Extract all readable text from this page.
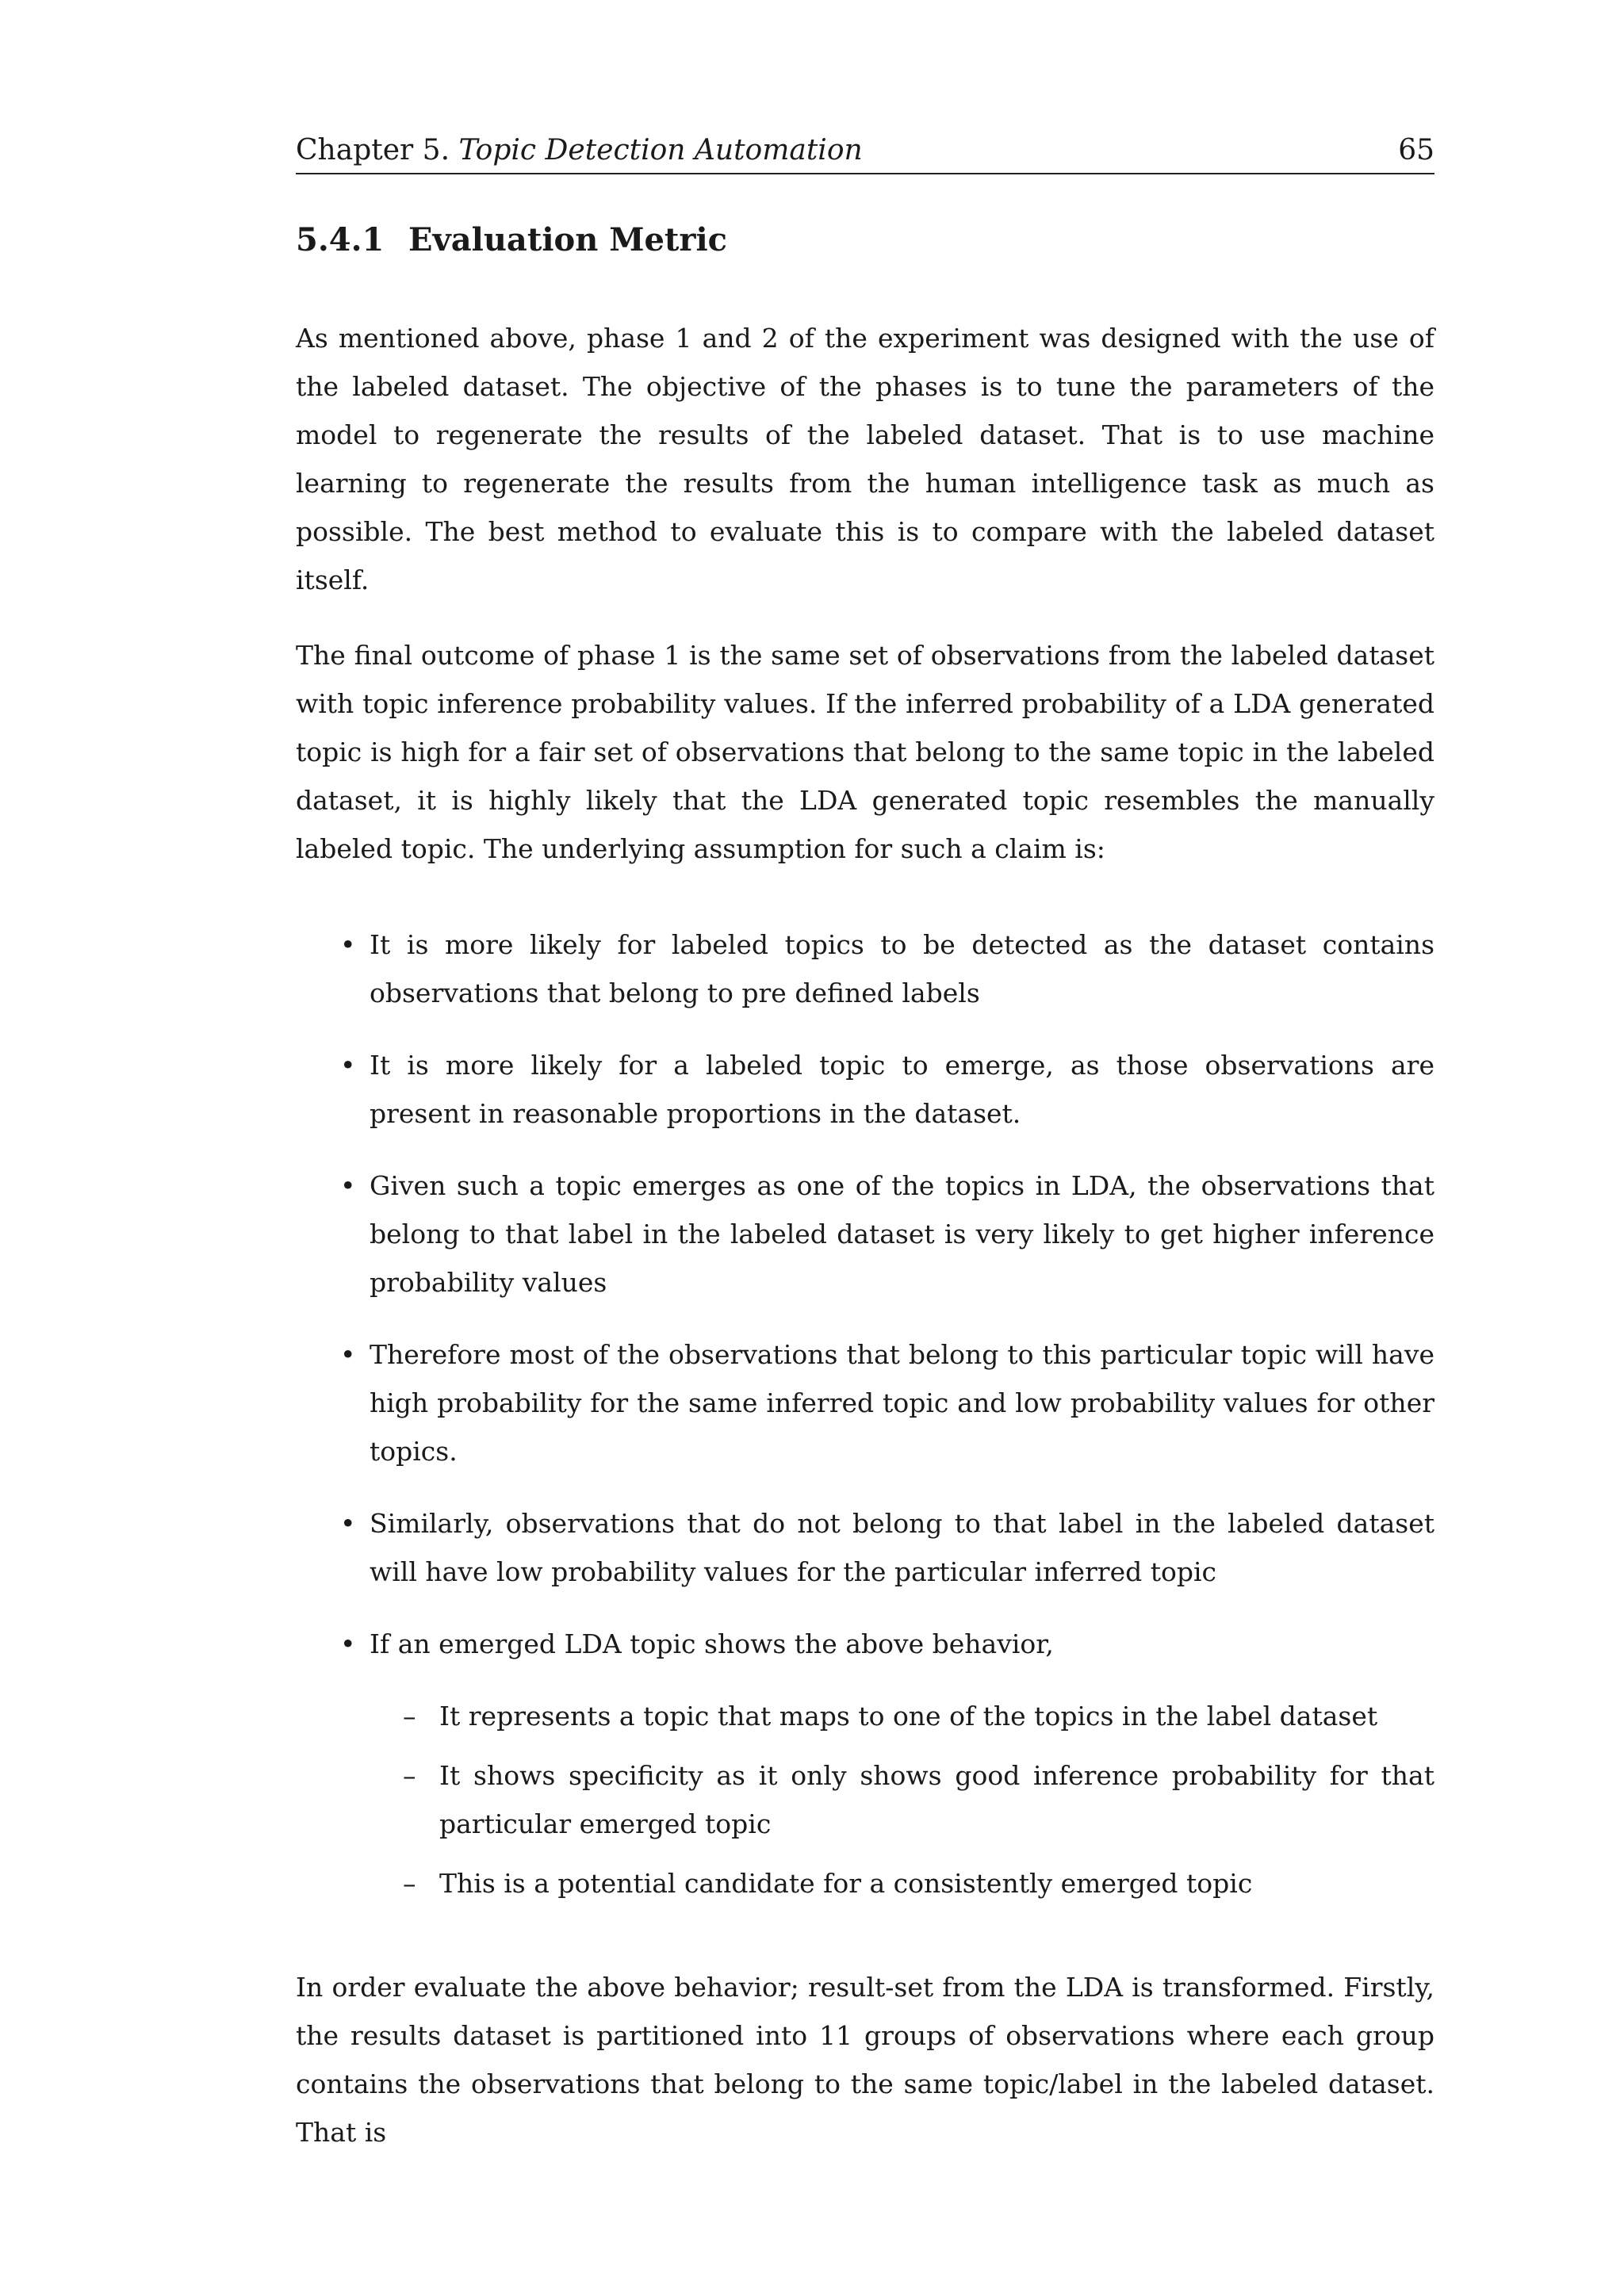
Chapter 5. Topic Detection Automation	65
5.4.1 Evaluation Metric

As mentioned above, phase 1 and 2 of the experiment was designed with the use of the labeled dataset. The objective of the phases is to tune the parameters of the model to regenerate the results of the labeled dataset. That is to use machine learning to regenerate the results from the human intelligence task as much as possible. The best method to evaluate this is to compare with the labeled dataset itself.

The final outcome of phase 1 is the same set of observations from the labeled dataset with topic inference probability values. If the inferred probability of a LDA generated topic is high for a fair set of observations that belong to the same topic in the labeled dataset, it is highly likely that the LDA generated topic resembles the manually labeled topic. The underlying assumption for such a claim is:

• It is more likely for labeled topics to be detected as the dataset contains observations that belong to pre defined labels
• It is more likely for a labeled topic to emerge, as those observations are present in reasonable proportions in the dataset.
• Given such a topic emerges as one of the topics in LDA, the observations that belong to that label in the labeled dataset is very likely to get higher inference probability values
• Therefore most of the observations that belong to this particular topic will have high probability for the same inferred topic and low probability values for other topics.
• Similarly, observations that do not belong to that label in the labeled dataset will have low probability values for the particular inferred topic
• If an emerged LDA topic shows the above behavior,
– It represents a topic that maps to one of the topics in the label dataset
– It shows specificity as it only shows good inference probability for that particular emerged topic
– This is a potential candidate for a consistently emerged topic

In order evaluate the above behavior; result-set from the LDA is transformed. Firstly, the results dataset is partitioned into 11 groups of observations where each group contains the observations that belong to the same topic/label in the labeled dataset. That is
